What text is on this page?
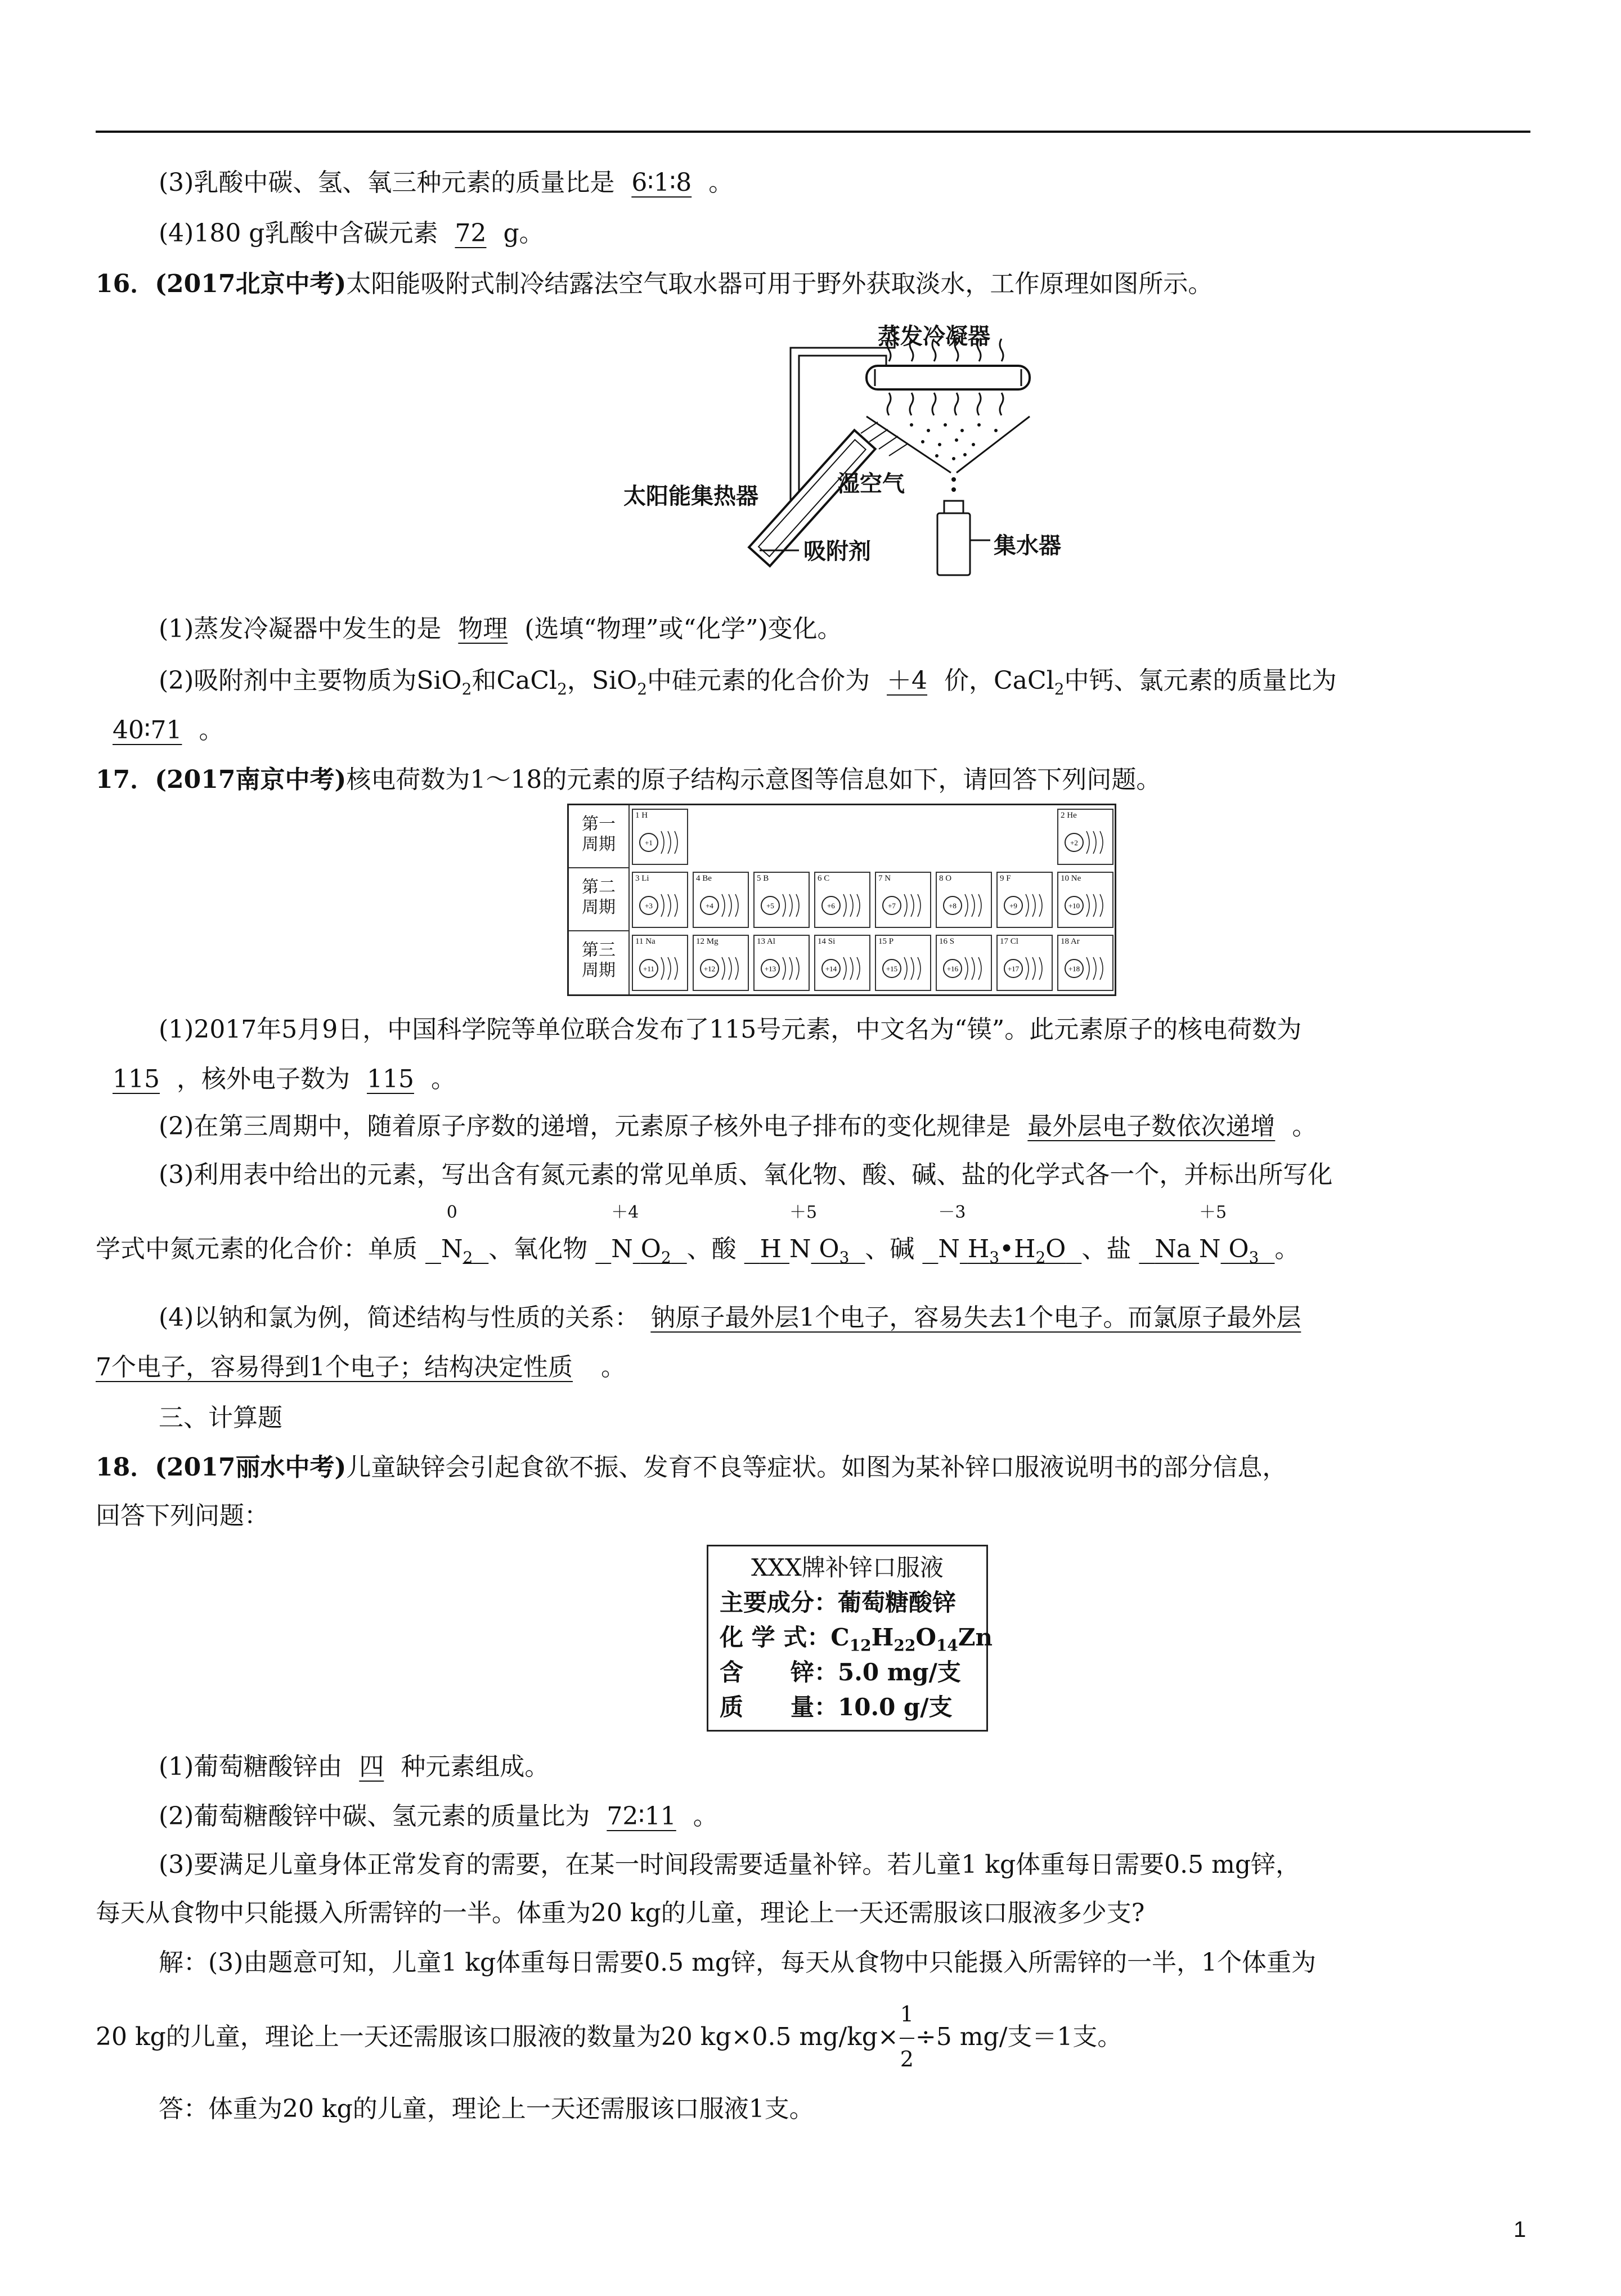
(3)乳酸中碳、氢、氧三种元素的质量比是 6∶1∶8 。
(4)180 g乳酸中含碳元素 72 g。
16．(2017北京中考)太阳能吸附式制冷结露法空气取水器可用于野外获取淡水，工作原理如图所示。
蒸发冷凝器
太阳能集热器	湿空气
集水器
吸附剂
(1)蒸发冷凝器中发生的是 物理 (选填“物理”或“化学”)变化。
(2)吸附剂中主要物质为SiO$_2$和CaCl$_2$，SiO$_2$中硅元素的化合价为 ＋4 价，CaCl$_2$中钙、氯元素的质量比为
40∶71 。
17．(2017南京中考)核电荷数为1～18的元素的原子结构示意图等信息如下，请回答下列问题。
第一
周期
第二
周期
第三
周期
1 H
+1
2 He
+2
3 Li
+3
4 Be
+4
5 B
+5
6 C
+6
7 N
+7
8 O
+8
9 F
+9
10 Ne
+10
11 Na
+11
12 Mg
+12
13 Al
+13
14 Si
+14
15 P
+15
16 S
+16
17 Cl
+17
18 Ar
+18
(1)2017年5月9日，中国科学院等单位联合发布了115号元素，中文名为“镆”。此元素原子的核电荷数为
115 ，核外电子数为 115 。
(2)在第三周期中，随着原子序数的递增，元素原子核外电子排布的变化规律是 最外层电子数依次递增 。
(3)利用表中给出的元素，写出含有氮元素的常见单质、氧化物、酸、碱、盐的化学式各一个，并标出所写化
学式中氮元素的化合价：单质
0
$N_2$ 、氧化物
＋4
N $O_2$ 、酸 H
＋5
N $O_3$ 、碱
－3
N $H_3•H_2O$ 、盐 Na
＋5
N $O_3$ 。
(4)以钠和氯为例，简述结构与性质的关系： 钠原子最外层1个电子，容易失去1个电子。而氯原子最外层
7个电子，容易得到1个电子；结构决定性质 。
三、计算题
18．(2017丽水中考)儿童缺锌会引起食欲不振、发育不良等症状。如图为某补锌口服液说明书的部分信息，
回答下列问题：
XXX牌补锌口服液
主要成分：葡萄糖酸锌
化 学 式：$C_{12}H_{22}O_{14}Zn$
含　　锌：5.0 mg/支
质　　量：10.0 g/支
(1)葡萄糖酸锌由 四 种元素组成。
(2)葡萄糖酸锌中碳、氢元素的质量比为 72∶11 。
(3)要满足儿童身体正常发育的需要，在某一时间段需要适量补锌。若儿童1 kg体重每日需要0.5 mg锌，
每天从食物中只能摄入所需锌的一半。体重为20 kg的儿童，理论上一天还需服该口服液多少支?
解：(3)由题意可知，儿童1 kg体重每日需要0.5 mg锌，每天从食物中只能摄入所需锌的一半，1个体重为
20 kg的儿童，理论上一天还需服该口服液的数量为20 kg×0.5 $mg/kg\times \frac{1}{2} \div 5$ mg/支＝1支。
答：体重为20 kg的儿童，理论上一天还需服该口服液1支。
1
